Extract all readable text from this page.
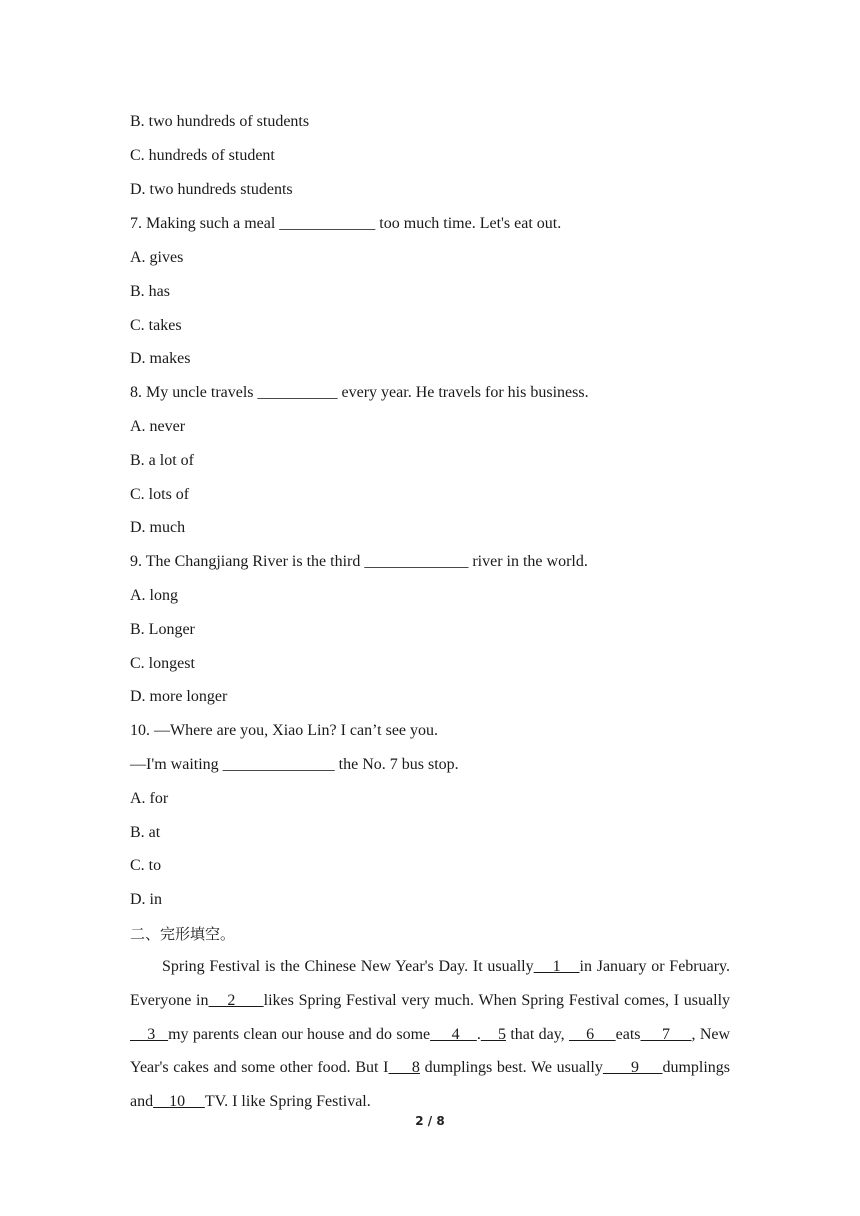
B. two hundreds of students
C. hundreds of student
D. two hundreds students
7. Making such a meal ____________ too much time. Let's eat out.
A. gives
B. has
C. takes
D. makes
8. My uncle travels __________ every year. He travels for his business.
A. never
B. a lot of
C. lots of
D. much
9. The Changjiang River is the third _____________ river in the world.
A. long
B. Longer
C. longest
D. more longer
10. —Where are you, Xiao Lin? I can’t see you.
—I'm waiting ______________ the No. 7 bus stop.
A. for
B. at
C. to
D. in
二、完形填空。
Spring Festival is the Chinese New Year's Day. It usually    1    in January or February. Everyone in    2      likes Spring Festival very much. When Spring Festival comes, I usually    3   my parents clean our house and do some     4    .    5 that day,     6     eats     7     , New Year's cakes and some other food. But I     8 dumplings best. We usually      9     dumplings and    10     TV. I like Spring Festival.
2 / 8
